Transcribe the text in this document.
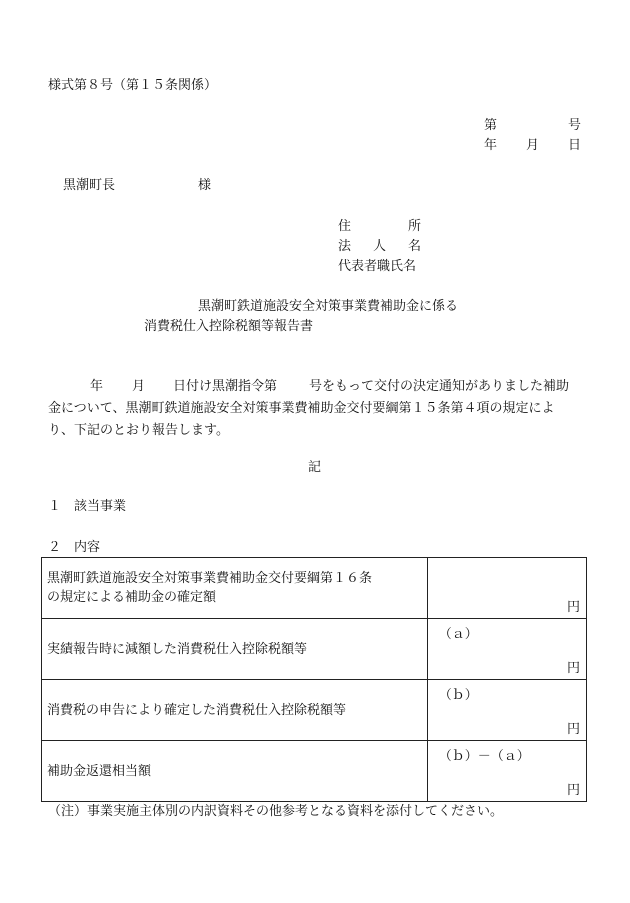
様式第８号（第１５条関係）
第	号
年 月 日
黒潮町長	様
住	所
法 人 名
代表者職氏名
黒潮町鉄道施設安全対策事業費補助金に係る
消費税仕入控除税額等報告書
年 月 日付け黒潮指令第 号をもって交付の決定通知がありました補助
金について、黒潮町鉄道施設安全対策事業費補助金交付要綱第１５条第４項の規定によ
り、下記のとおり報告します。
記
１　該当事業
２　内容
黒潮町鉄道施設安全対策事業費補助金交付要綱第１６条
の規定による補助金の確定額	円

実績報告時に減額した消費税仕入控除税額等	（ａ）
円

消費税の申告により確定した消費税仕入控除税額等	（ｂ）
円

補助金返還相当額	（ｂ）－（ａ）
円
（注）事業実施主体別の内訳資料その他参考となる資料を添付してください。
